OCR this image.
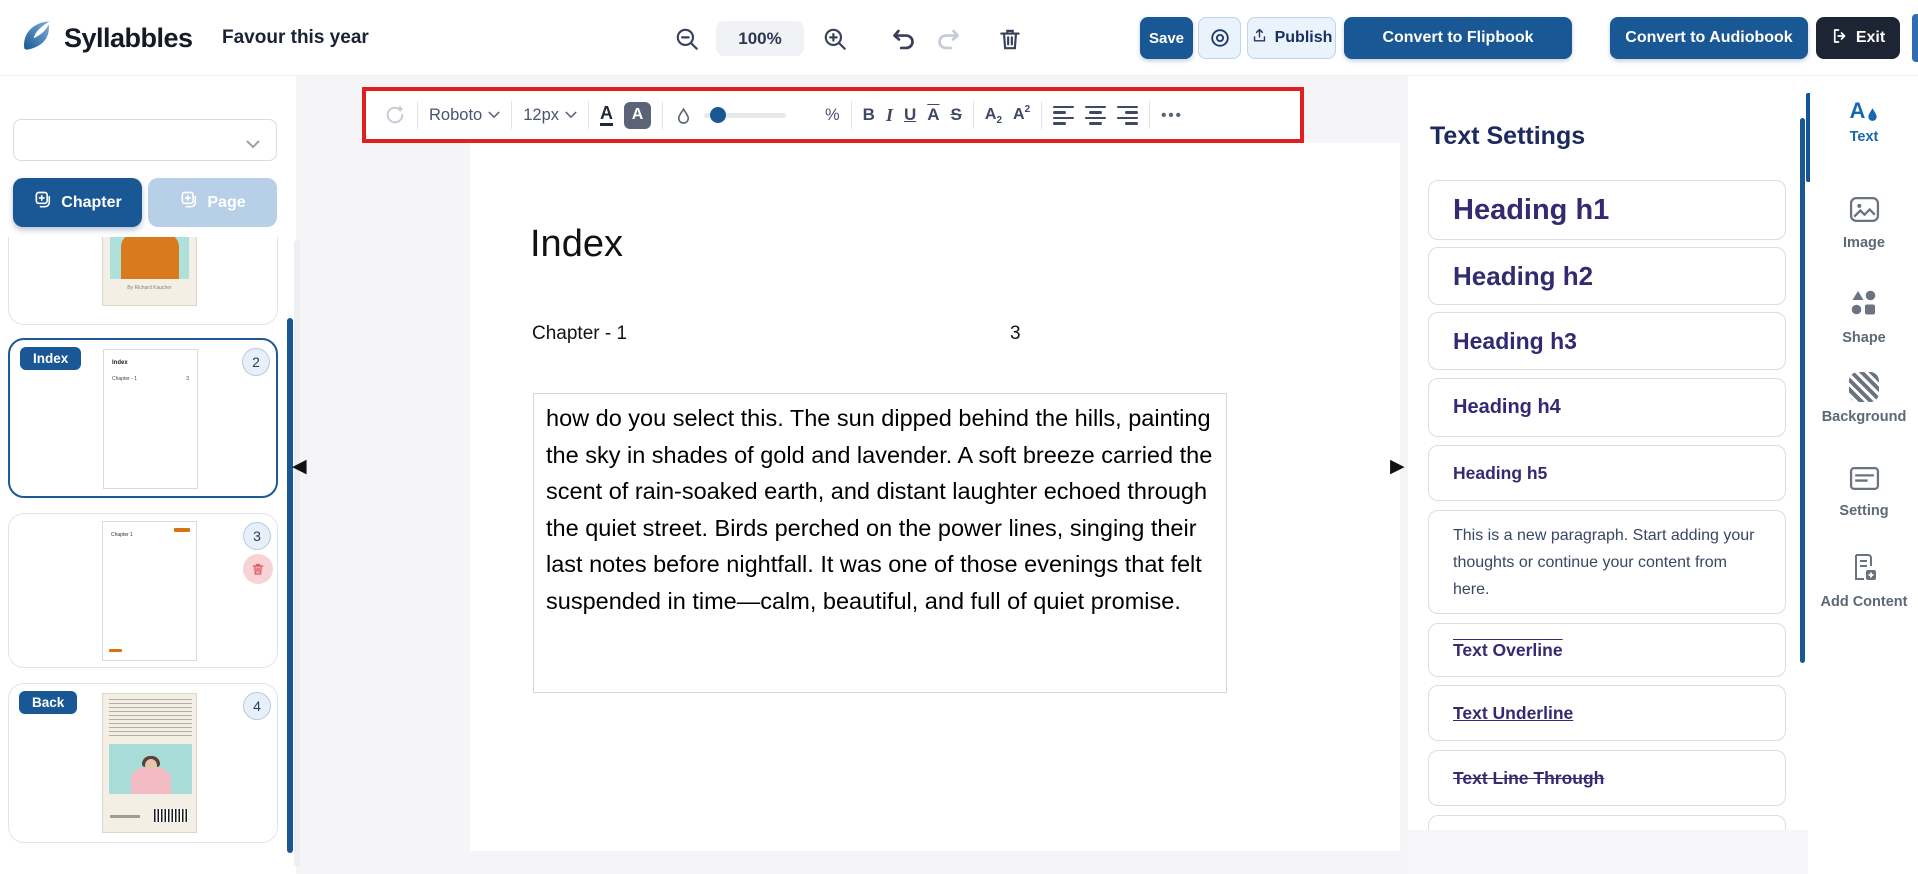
Syllabbles Favour this year	100%	Save	Publish	Convert to Flipbook	Convert to Audiobook	Exit
Chapter	Page
By Richard Kaucher
Index	2
Index
Chapter - 1	3
3
Chapter 1
Back	4
Index
Chapter - 1	3
how do you select this. The sun dipped behind the hills, painting the sky in shades of gold and lavender. A soft breeze carried the scent of rain-soaked earth, and distant laughter echoed through the quiet street. Birds perched on the power lines, singing their last notes before nightfall. It was one of those evenings that felt suspended in time—calm, beautiful, and full of quiet promise.
◀	▶
Roboto 12px A	A	% B I U A S A 2 A 2	•••
Text Settings
Heading h1
Heading h2
Heading h3
Heading h4
Heading h5
This is a new paragraph. Start adding your thoughts or continue your content from here.
Text Overline
Text Underline
Text Line Through
A
Text
Image
Shape
Background
Setting
Add Content
